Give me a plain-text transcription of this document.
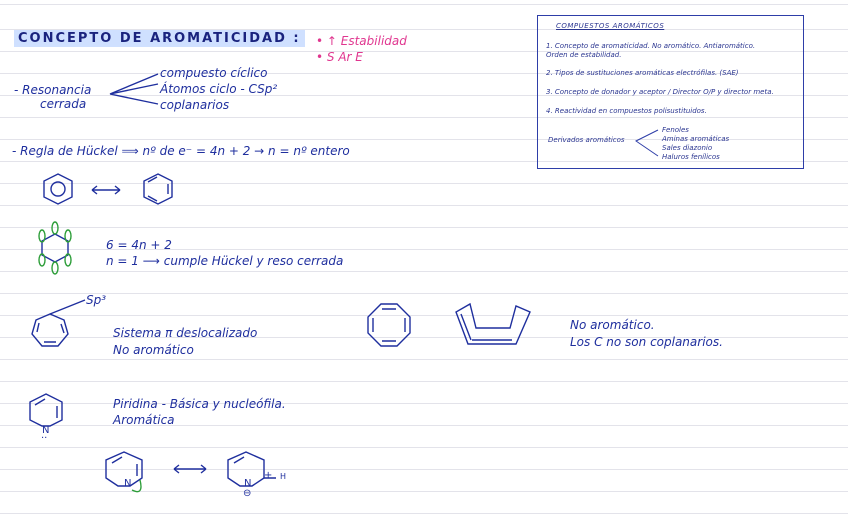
CONCEPTO DE AROMATICIDAD :	• ↑ Estabilidad
• S Ar E
- Resonancia
cerrada
compuesto cíclico
Átomos ciclo - CSp²
coplanarios
- Regla de Hückel ⟹ nº de e⁻ = 4n + 2 → n = nº entero
6 = 4n + 2
n = 1 ⟶ cumple Hückel y reso cerrada
Sp³
Sistema π deslocalizado
No aromático
No aromático.
Los C no son coplanarios.
N
··
Piridina - Básica y nucleófila.
Aromática
N	N
⊖
+ H
COMPUESTOS AROMÁTICOS
1. Concepto de aromaticidad. No aromático. Antiaromático.
Orden de estabilidad.
2. Tipos de sustituciones aromáticas electrófilas. (SAE)
3. Concepto de donador y aceptor / Director O/P y director meta.
4. Reactividad en compuestos polisustituidos.
Derivados aromáticos
Fenoles
Aminas aromáticas
Sales diazonio
Haluros fenílicos
